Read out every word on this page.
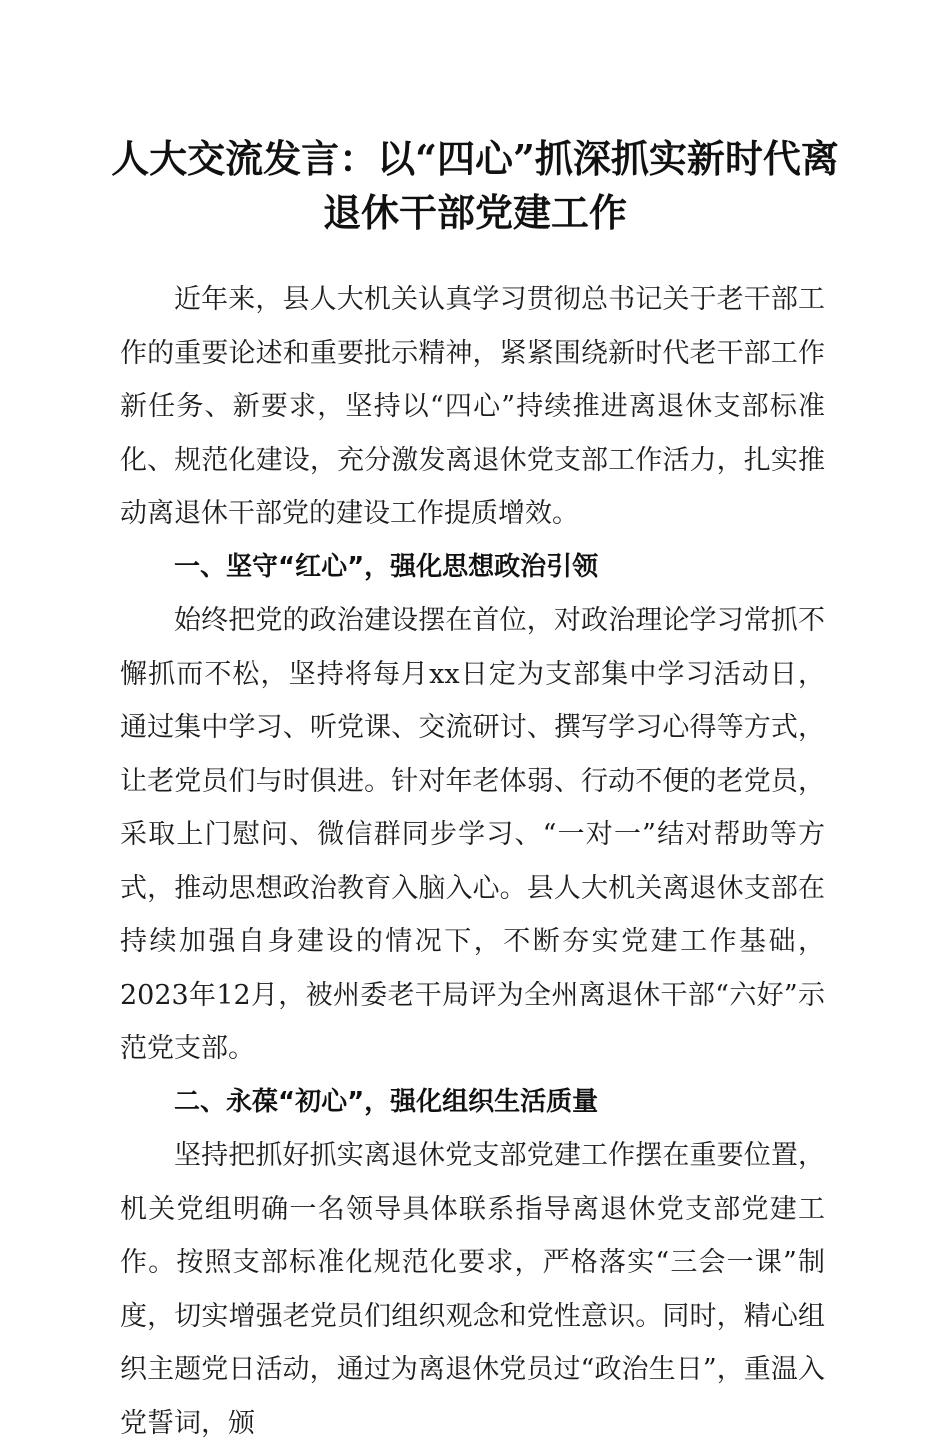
人大交流发言：以“四心”抓深抓实新时代离
退休干部党建工作

近年来，县人大机关认真学习贯彻总书记关于老干部工作的重要论述和重要批示精神，紧紧围绕新时代老干部工作新任务、新要求，坚持以“四心”持续推进离退休支部标准化、规范化建设，充分激发离退休党支部工作活力，扎实推动离退休干部党的建设工作提质增效。

一、坚守“红心”，强化思想政治引领

始终把党的政治建设摆在首位，对政治理论学习常抓不懈抓而不松，坚持将每月xx日定为支部集中学习活动日，通过集中学习、听党课、交流研讨、撰写学习心得等方式，让老党员们与时俱进。针对年老体弱、行动不便的老党员，采取上门慰问、微信群同步学习、“一对一”结对帮助等方式，推动思想政治教育入脑入心。县人大机关离退休支部在持续加强自身建设的情况下，不断夯实党建工作基础，2023年12月，被州委老干局评为全州离退休干部“六好”示范党支部。

二、永葆“初心”，强化组织生活质量

坚持把抓好抓实离退休党支部党建工作摆在重要位置，机关党组明确一名领导具体联系指导离退休党支部党建工作。按照支部标准化规范化要求，严格落实“三会一课”制度，切实增强老党员们组织观念和党性意识。同时，精心组织主题党日活动，通过为离退休党员过“政治生日”，重温入党誓词，颁
